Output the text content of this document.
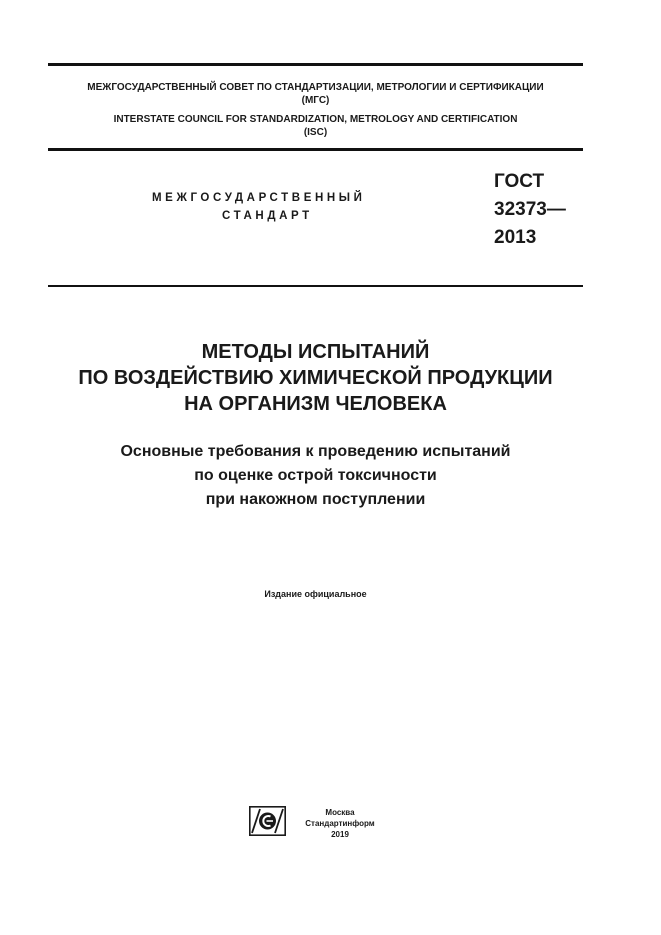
МЕЖГОСУДАРСТВЕННЫЙ СОВЕТ ПО СТАНДАРТИЗАЦИИ, МЕТРОЛОГИИ И СЕРТИФИКАЦИИ
(МГС)
INTERSTATE COUNCIL FOR STANDARDIZATION, METROLOGY AND CERTIFICATION
(ISC)
МЕЖГОСУДАРСТВЕННЫЙ
СТАНДАРТ
ГОСТ
32373—
2013
МЕТОДЫ ИСПЫТАНИЙ
ПО ВОЗДЕЙСТВИЮ ХИМИЧЕСКОЙ ПРОДУКЦИИ
НА ОРГАНИЗМ ЧЕЛОВЕКА
Основные требования к проведению испытаний
по оценке острой токсичности
при накожном поступлении
Издание официальное
Москва
Стандартинформ
2019
